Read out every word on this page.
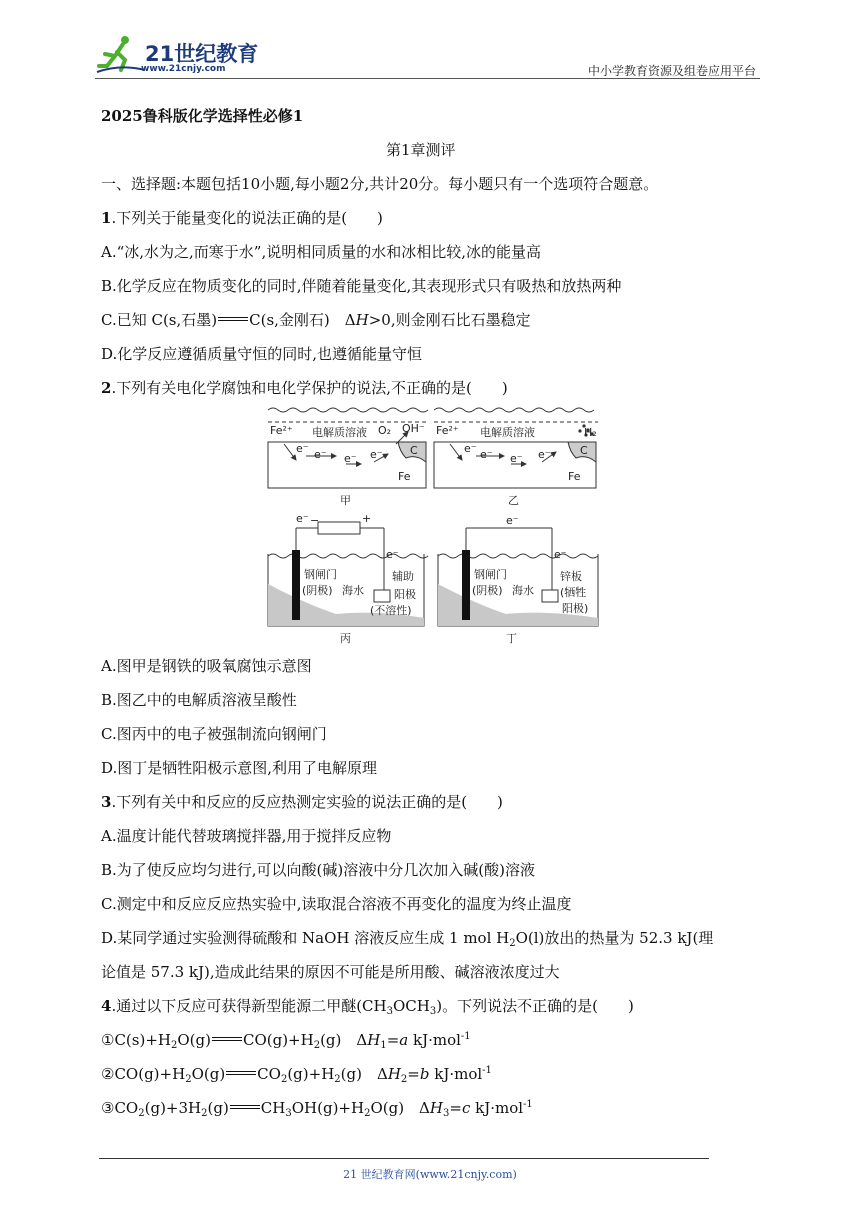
21世纪教育
www.21cnjy.com	中小学教育资源及组卷应用平台
2025鲁科版化学选择性必修1
第1章测评
一、选择题:本题包括10小题,每小题2分,共计20分。每小题只有一个选项符合题意。
1.下列关于能量变化的说法正确的是(　　)
A.“冰,水为之,而寒于水”,说明相同质量的水和冰相比较,冰的能量高
B.化学反应在物质变化的同时,伴随着能量变化,其表现形式只有吸热和放热两种
C.已知 C(s,石墨) C(s,金刚石)　ΔH>0,则金刚石比石墨稳定
D.化学反应遵循质量守恒的同时,也遵循能量守恒
2.下列有关电化学腐蚀和电化学保护的说法,不正确的是(　　)
Fe²⁺ 电解质溶液 O₂ OH⁻
e⁻ e⁻ e⁻ e⁻ C
Fe
甲
Fe²⁺ 电解质溶液	H₂
e⁻ e⁻ e⁻ e⁻	C
Fe
乙
e⁻ −	+
e⁻
钢闸门
(阴极) 海水
辅助
阳极
(不溶性)
丙
e⁻
e⁻
钢闸门
(阴极) 海水
锌板
(牺牲
阳极)
丁
A.图甲是钢铁的吸氧腐蚀示意图
B.图乙中的电解质溶液呈酸性
C.图丙中的电子被强制流向钢闸门
D.图丁是牺牲阳极示意图,利用了电解原理
3.下列有关中和反应的反应热测定实验的说法正确的是(　　)
A.温度计能代替玻璃搅拌器,用于搅拌反应物
B.为了使反应均匀进行,可以向酸(碱)溶液中分几次加入碱(酸)溶液
C.测定中和反应反应热实验中,读取混合溶液不再变化的温度为终止温度
D.某同学通过实验测得硫酸和 NaOH 溶液反应生成 1 mol $H_2O(l)$放出的热量为 52.3 kJ(理
论值是 57.3 kJ),造成此结果的原因不可能是所用酸、碱溶液浓度过大
4.通过以下反应可获得新型能源二甲醚$(CH_3OCH_3)$。下列说法不正确的是(　　)
$①C(s)+H_2O(g)$ $CO(g)+H_2(g)$　$\Delta H_1=a$ kJ·mol$^{-1}$
$②CO(g)+H_2O(g)$ $CO_2(g)+H_2(g)$　$\Delta H_2=b$ kJ·mol$^{-1}$
$③CO_2(g)+3H_2(g)$ $CH_3OH(g)+H_2O(g)$　$\Delta H_3=c$ kJ·mol$^{-1}$
21 世纪教育网(www.21cnjy.com)
